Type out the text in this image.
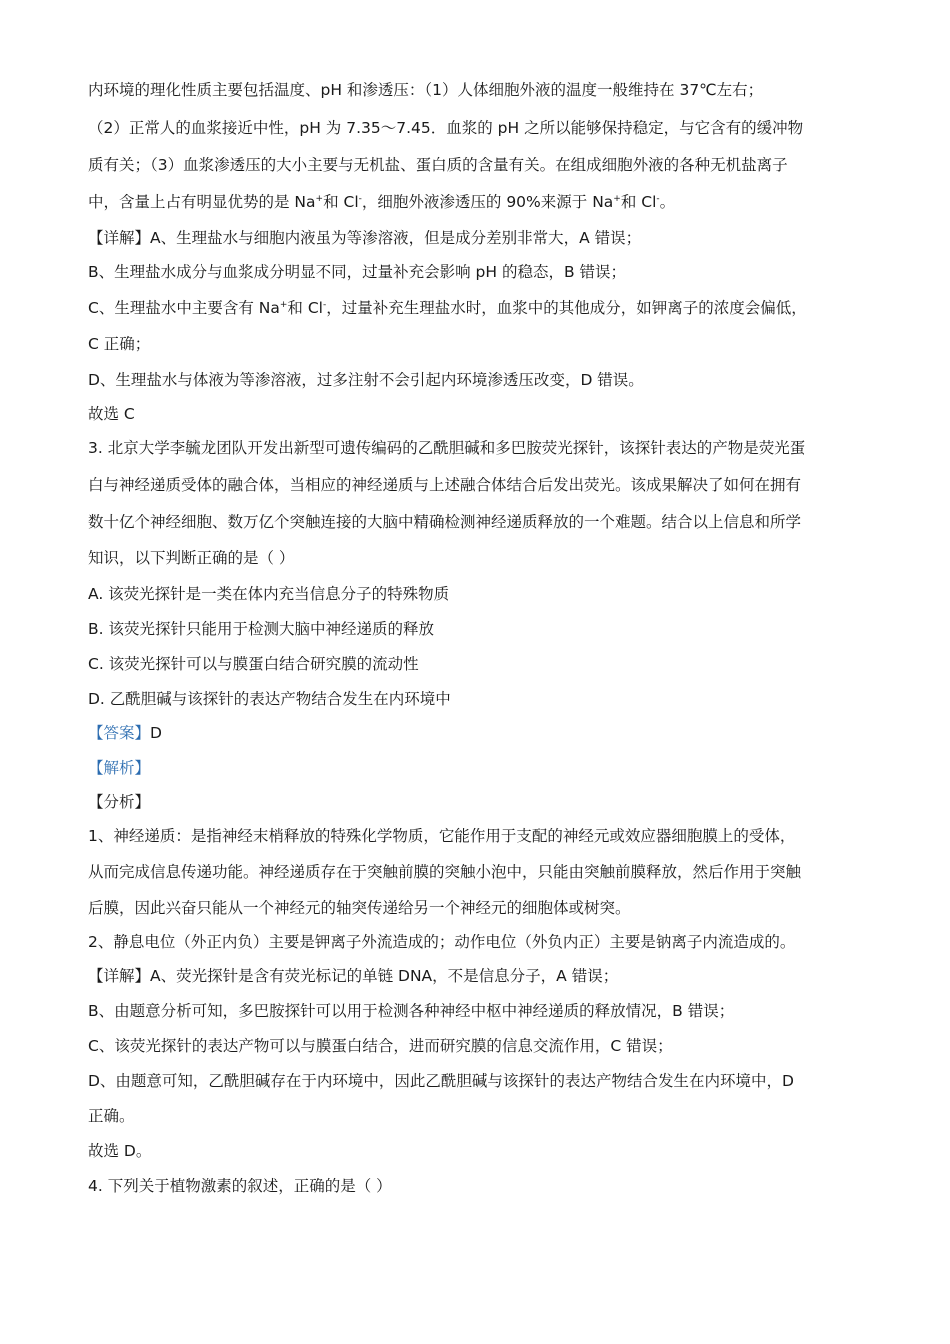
内环境的理化性质主要包括温度、pH 和渗透压：（1）人体细胞外液的温度一般维持在 37℃左右；
（2）正常人的血浆接近中性，pH 为 7.35～7.45．血浆的 pH 之所以能够保持稳定，与它含有的缓冲物
质有关；（3）血浆渗透压的大小主要与无机盐、蛋白质的含量有关。在组成细胞外液的各种无机盐离子
中，含量上占有明显优势的是 Na+和 Cl-，细胞外液渗透压的 90%来源于 Na+和 Cl-。
【详解】A、生理盐水与细胞内液虽为等渗溶液，但是成分差别非常大，A 错误；
B、生理盐水成分与血浆成分明显不同，过量补充会影响 pH 的稳态，B 错误；
C、生理盐水中主要含有 Na+和 Cl-，过量补充生理盐水时，血浆中的其他成分，如钾离子的浓度会偏低，
C 正确；
D、生理盐水与体液为等渗溶液，过多注射不会引起内环境渗透压改变，D 错误。
故选 C
3. 北京大学李毓龙团队开发出新型可遗传编码的乙酰胆碱和多巴胺荧光探针，该探针表达的产物是荧光蛋
白与神经递质受体的融合体，当相应的神经递质与上述融合体结合后发出荧光。该成果解决了如何在拥有
数十亿个神经细胞、数万亿个突触连接的大脑中精确检测神经递质释放的一个难题。结合以上信息和所学
知识，以下判断正确的是（ ）
A. 该荧光探针是一类在体内充当信息分子的特殊物质
B. 该荧光探针只能用于检测大脑中神经递质的释放
C. 该荧光探针可以与膜蛋白结合研究膜的流动性
D. 乙酰胆碱与该探针的表达产物结合发生在内环境中
【答案】D
【解析】
【分析】
1、神经递质：是指神经末梢释放的特殊化学物质，它能作用于支配的神经元或效应器细胞膜上的受体，
从而完成信息传递功能。神经递质存在于突触前膜的突触小泡中，只能由突触前膜释放，然后作用于突触
后膜，因此兴奋只能从一个神经元的轴突传递给另一个神经元的细胞体或树突。
2、静息电位（外正内负）主要是钾离子外流造成的；动作电位（外负内正）主要是钠离子内流造成的。
【详解】A、荧光探针是含有荧光标记的单链 DNA，不是信息分子，A 错误；
B、由题意分析可知，多巴胺探针可以用于检测各种神经中枢中神经递质的释放情况，B 错误；
C、该荧光探针的表达产物可以与膜蛋白结合，进而研究膜的信息交流作用，C 错误；
D、由题意可知，乙酰胆碱存在于内环境中，因此乙酰胆碱与该探针的表达产物结合发生在内环境中，D
正确。
故选 D。
4. 下列关于植物激素的叙述，正确的是（ ）
